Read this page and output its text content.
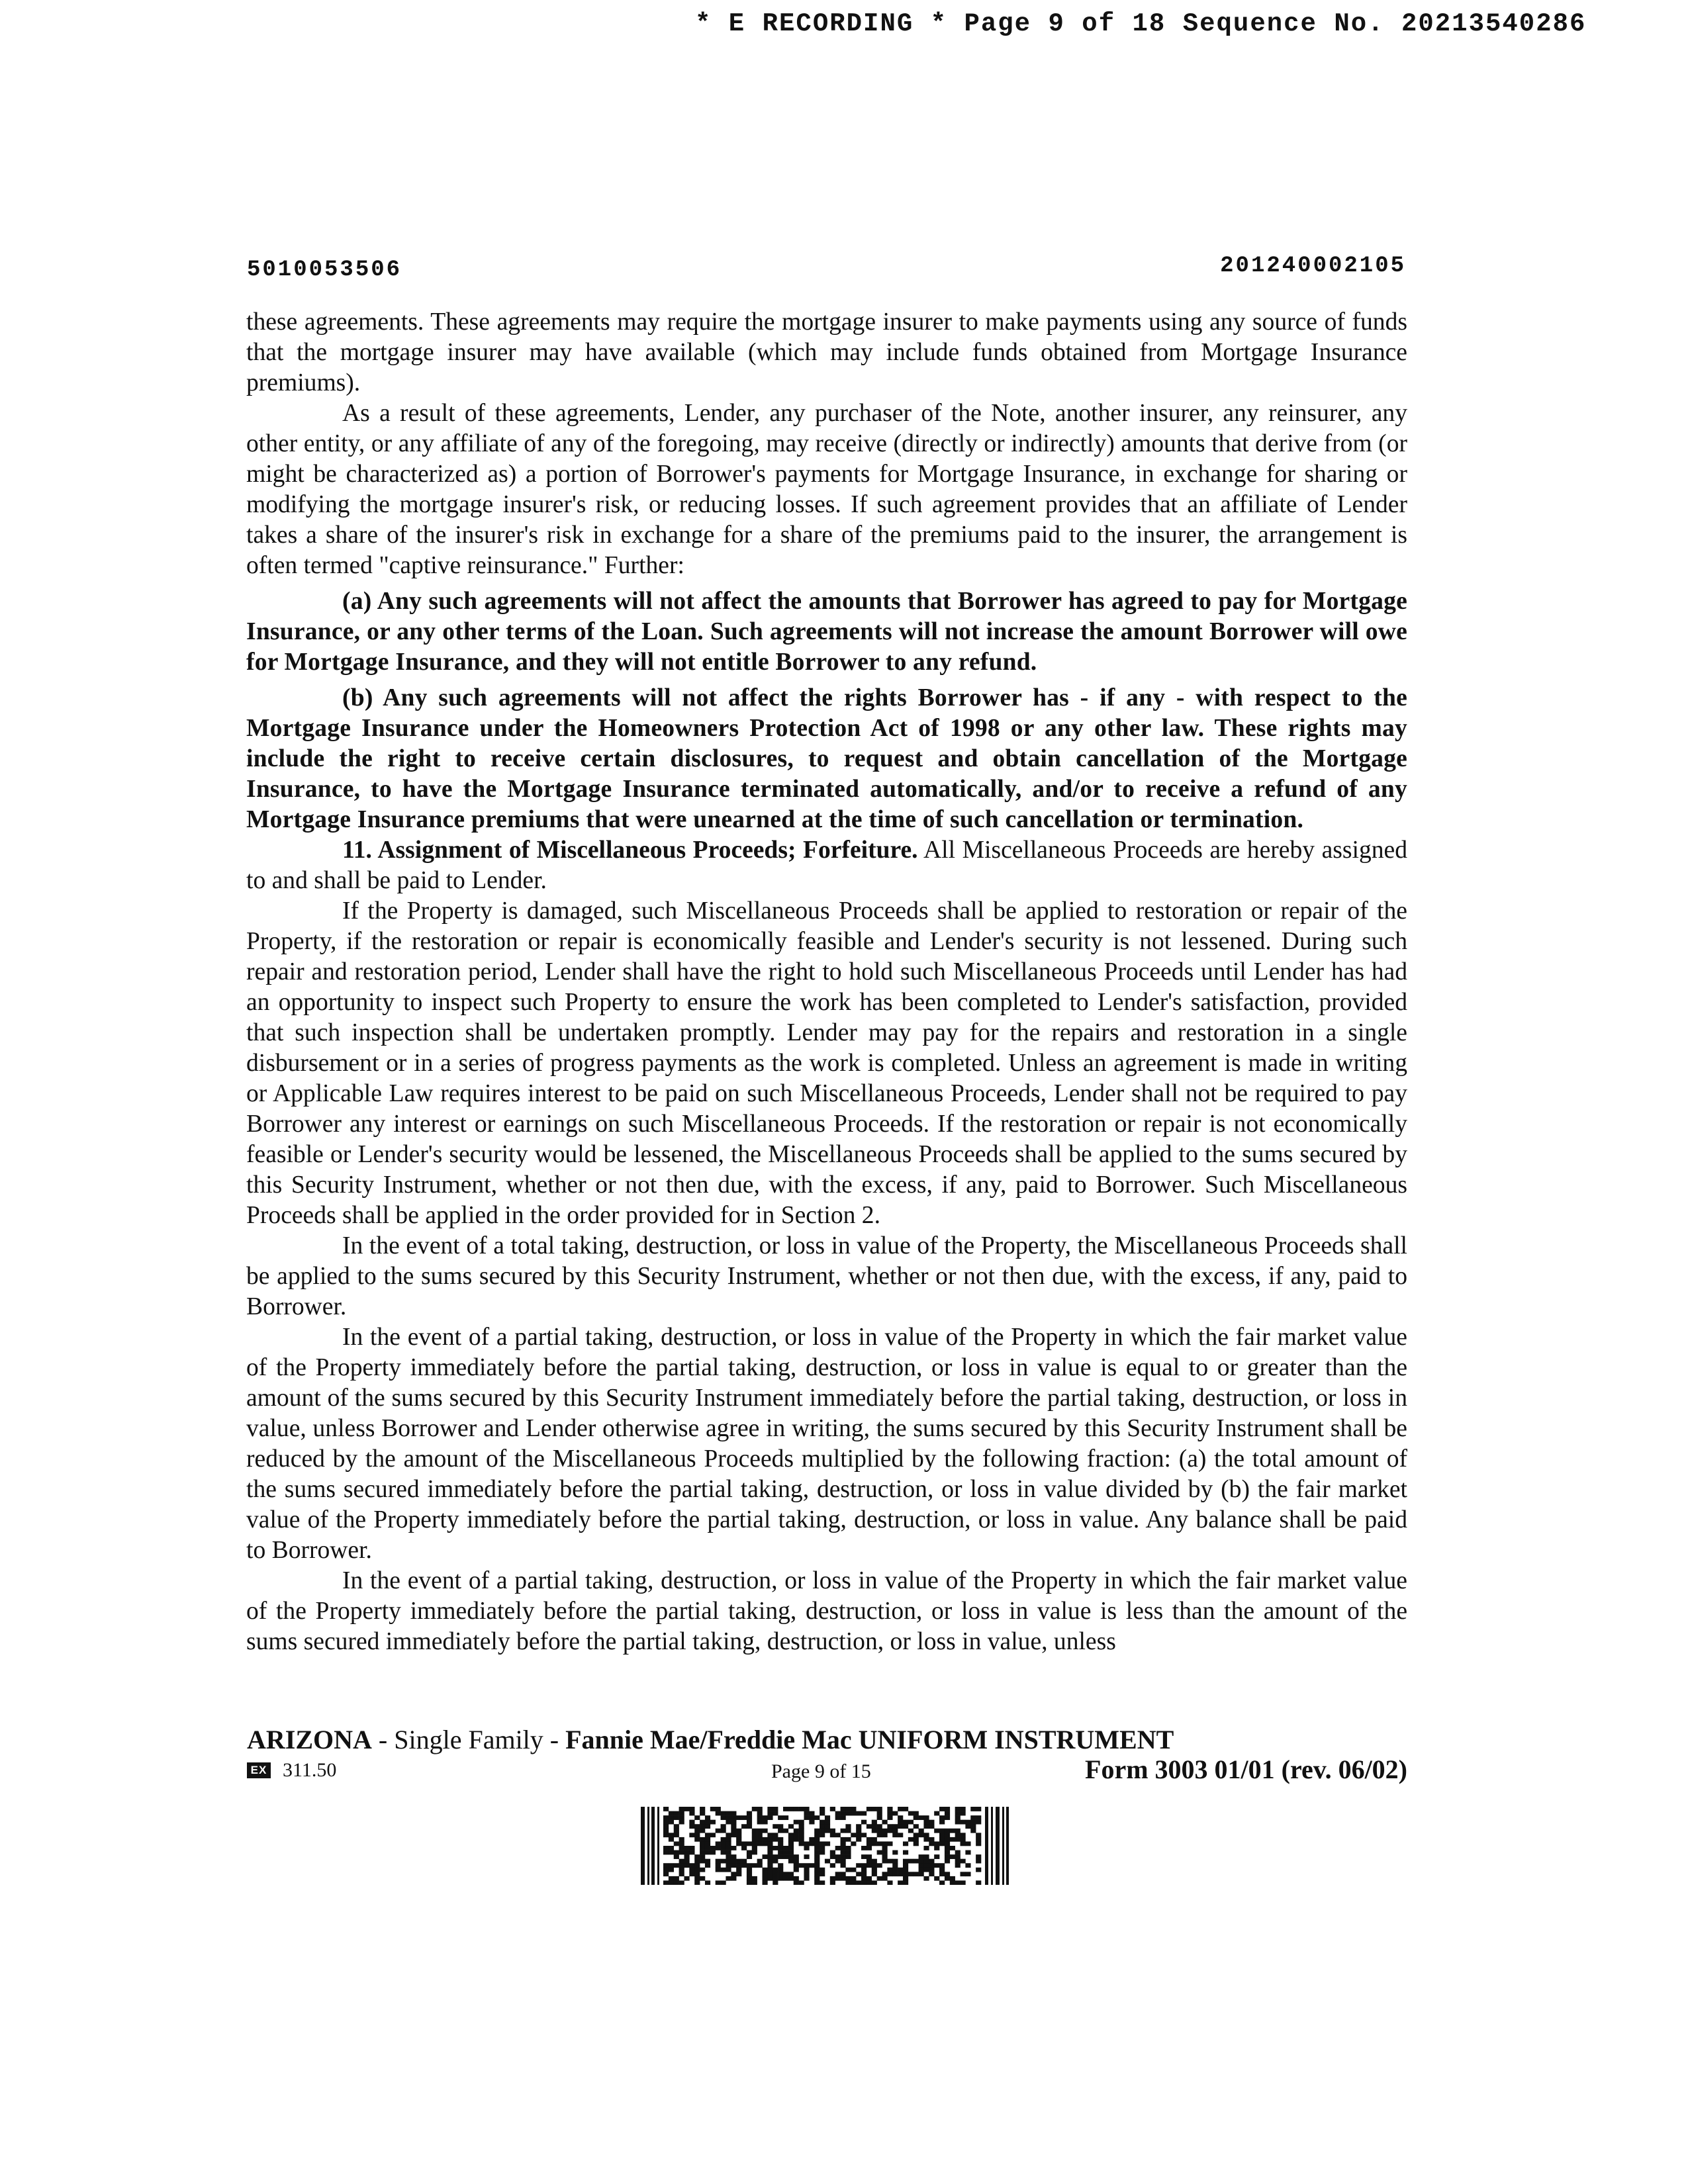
* E RECORDING * Page 9 of 18 Sequence No. 20213540286
5010053506	201240002105

these agreements. These agreements may require the mortgage insurer to make payments using any source of funds that the mortgage insurer may have available (which may include funds obtained from Mortgage Insurance premiums).

As a result of these agreements, Lender, any purchaser of the Note, another insurer, any reinsurer, any other entity, or any affiliate of any of the foregoing, may receive (directly or indirectly) amounts that derive from (or might be characterized as) a portion of Borrower's payments for Mortgage Insurance, in exchange for sharing or modifying the mortgage insurer's risk, or reducing losses. If such agreement provides that an affiliate of Lender takes a share of the insurer's risk in exchange for a share of the premiums paid to the insurer, the arrangement is often termed "captive reinsurance." Further:

(a) Any such agreements will not affect the amounts that Borrower has agreed to pay for Mortgage Insurance, or any other terms of the Loan. Such agreements will not increase the amount Borrower will owe for Mortgage Insurance, and they will not entitle Borrower to any refund.

(b) Any such agreements will not affect the rights Borrower has - if any - with respect to the Mortgage Insurance under the Homeowners Protection Act of 1998 or any other law. These rights may include the right to receive certain disclosures, to request and obtain cancellation of the Mortgage Insurance, to have the Mortgage Insurance terminated automatically, and/or to receive a refund of any Mortgage Insurance premiums that were unearned at the time of such cancellation or termination.

11. Assignment of Miscellaneous Proceeds; Forfeiture. All Miscellaneous Proceeds are hereby assigned to and shall be paid to Lender.

If the Property is damaged, such Miscellaneous Proceeds shall be applied to restoration or repair of the Property, if the restoration or repair is economically feasible and Lender's security is not lessened. During such repair and restoration period, Lender shall have the right to hold such Miscellaneous Proceeds until Lender has had an opportunity to inspect such Property to ensure the work has been completed to Lender's satisfaction, provided that such inspection shall be undertaken promptly. Lender may pay for the repairs and restoration in a single disbursement or in a series of progress payments as the work is completed. Unless an agreement is made in writing or Applicable Law requires interest to be paid on such Miscellaneous Proceeds, Lender shall not be required to pay Borrower any interest or earnings on such Miscellaneous Proceeds. If the restoration or repair is not economically feasible or Lender's security would be lessened, the Miscellaneous Proceeds shall be applied to the sums secured by this Security Instrument, whether or not then due, with the excess, if any, paid to Borrower. Such Miscellaneous Proceeds shall be applied in the order provided for in Section 2.

In the event of a total taking, destruction, or loss in value of the Property, the Miscellaneous Proceeds shall be applied to the sums secured by this Security Instrument, whether or not then due, with the excess, if any, paid to Borrower.

In the event of a partial taking, destruction, or loss in value of the Property in which the fair market value of the Property immediately before the partial taking, destruction, or loss in value is equal to or greater than the amount of the sums secured by this Security Instrument immediately before the partial taking, destruction, or loss in value, unless Borrower and Lender otherwise agree in writing, the sums secured by this Security Instrument shall be reduced by the amount of the Miscellaneous Proceeds multiplied by the following fraction: (a) the total amount of the sums secured immediately before the partial taking, destruction, or loss in value divided by (b) the fair market value of the Property immediately before the partial taking, destruction, or loss in value. Any balance shall be paid to Borrower.

In the event of a partial taking, destruction, or loss in value of the Property in which the fair market value of the Property immediately before the partial taking, destruction, or loss in value is less than the amount of the sums secured immediately before the partial taking, destruction, or loss in value, unless

ARIZONA - Single Family - Fannie Mae/Freddie Mac UNIFORM INSTRUMENT
EX 311.50	Page 9 of 15	Form 3003 01/01 (rev. 06/02)
